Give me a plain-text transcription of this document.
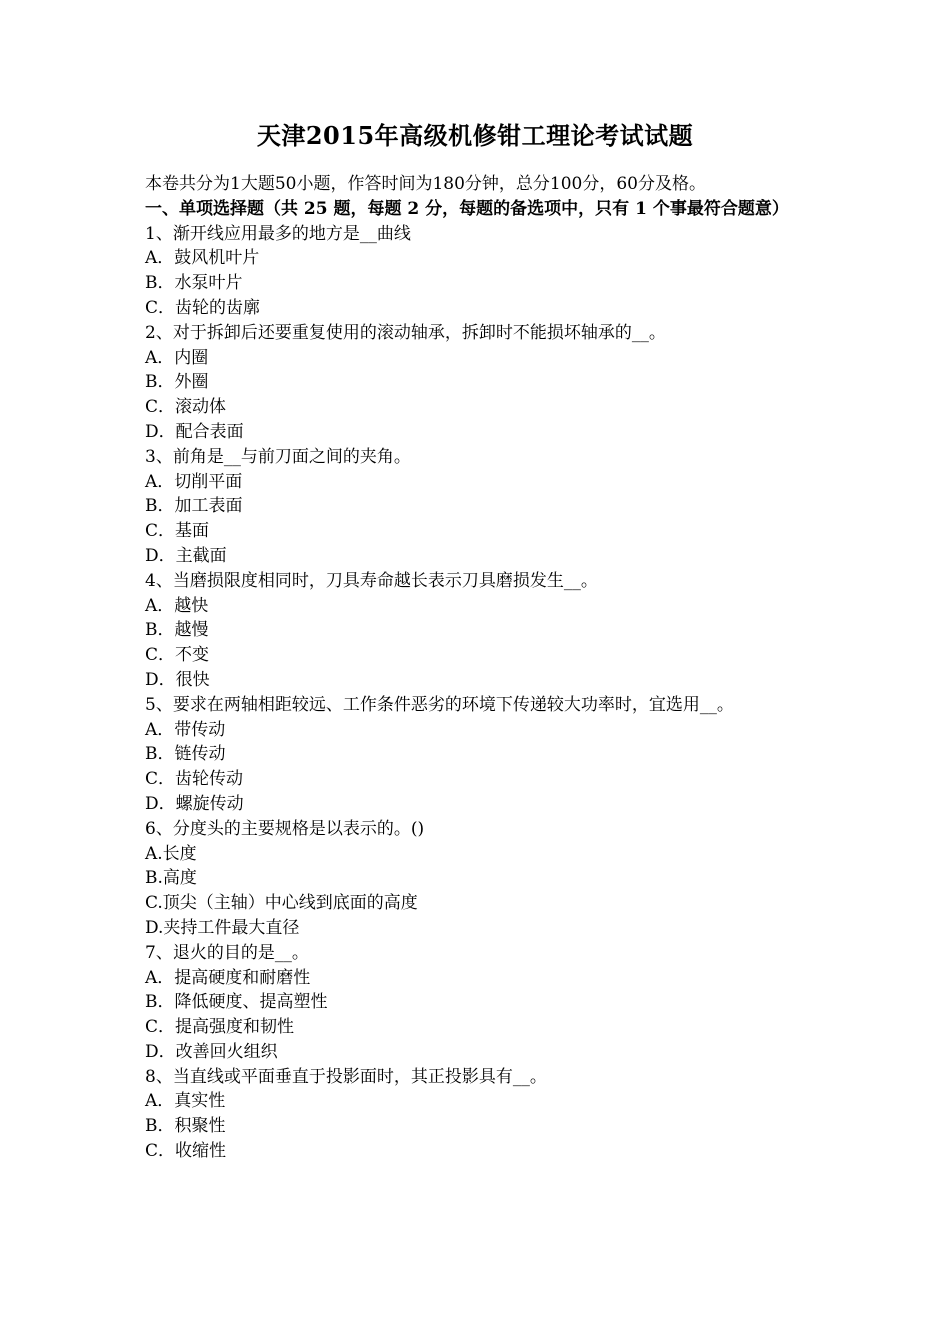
天津2015年高级机修钳工理论考试试题
本卷共分为1大题50小题，作答时间为180分钟，总分100分，60分及格。
一、单项选择题（共 25 题，每题 2 分，每题的备选项中，只有 1 个事最符合题意）
1、渐开线应用最多的地方是__曲线
A．鼓风机叶片
B．水泵叶片
C．齿轮的齿廓
2、对于拆卸后还要重复使用的滚动轴承，拆卸时不能损坏轴承的__。
A．内圈
B．外圈
C．滚动体
D．配合表面
3、前角是__与前刀面之间的夹角。
A．切削平面
B．加工表面
C．基面
D．主截面
4、当磨损限度相同时，刀具寿命越长表示刀具磨损发生__。
A．越快
B．越慢
C．不变
D．很快
5、要求在两轴相距较远、工作条件恶劣的环境下传递较大功率时，宜选用__。
A．带传动
B．链传动
C．齿轮传动
D．螺旋传动
6、分度头的主要规格是以表示的。()
A.长度
B.高度
C.顶尖（主轴）中心线到底面的高度
D.夹持工件最大直径
7、退火的目的是__。
A．提高硬度和耐磨性
B．降低硬度、提高塑性
C．提高强度和韧性
D．改善回火组织
8、当直线或平面垂直于投影面时，其正投影具有__。
A．真实性
B．积聚性
C．收缩性
